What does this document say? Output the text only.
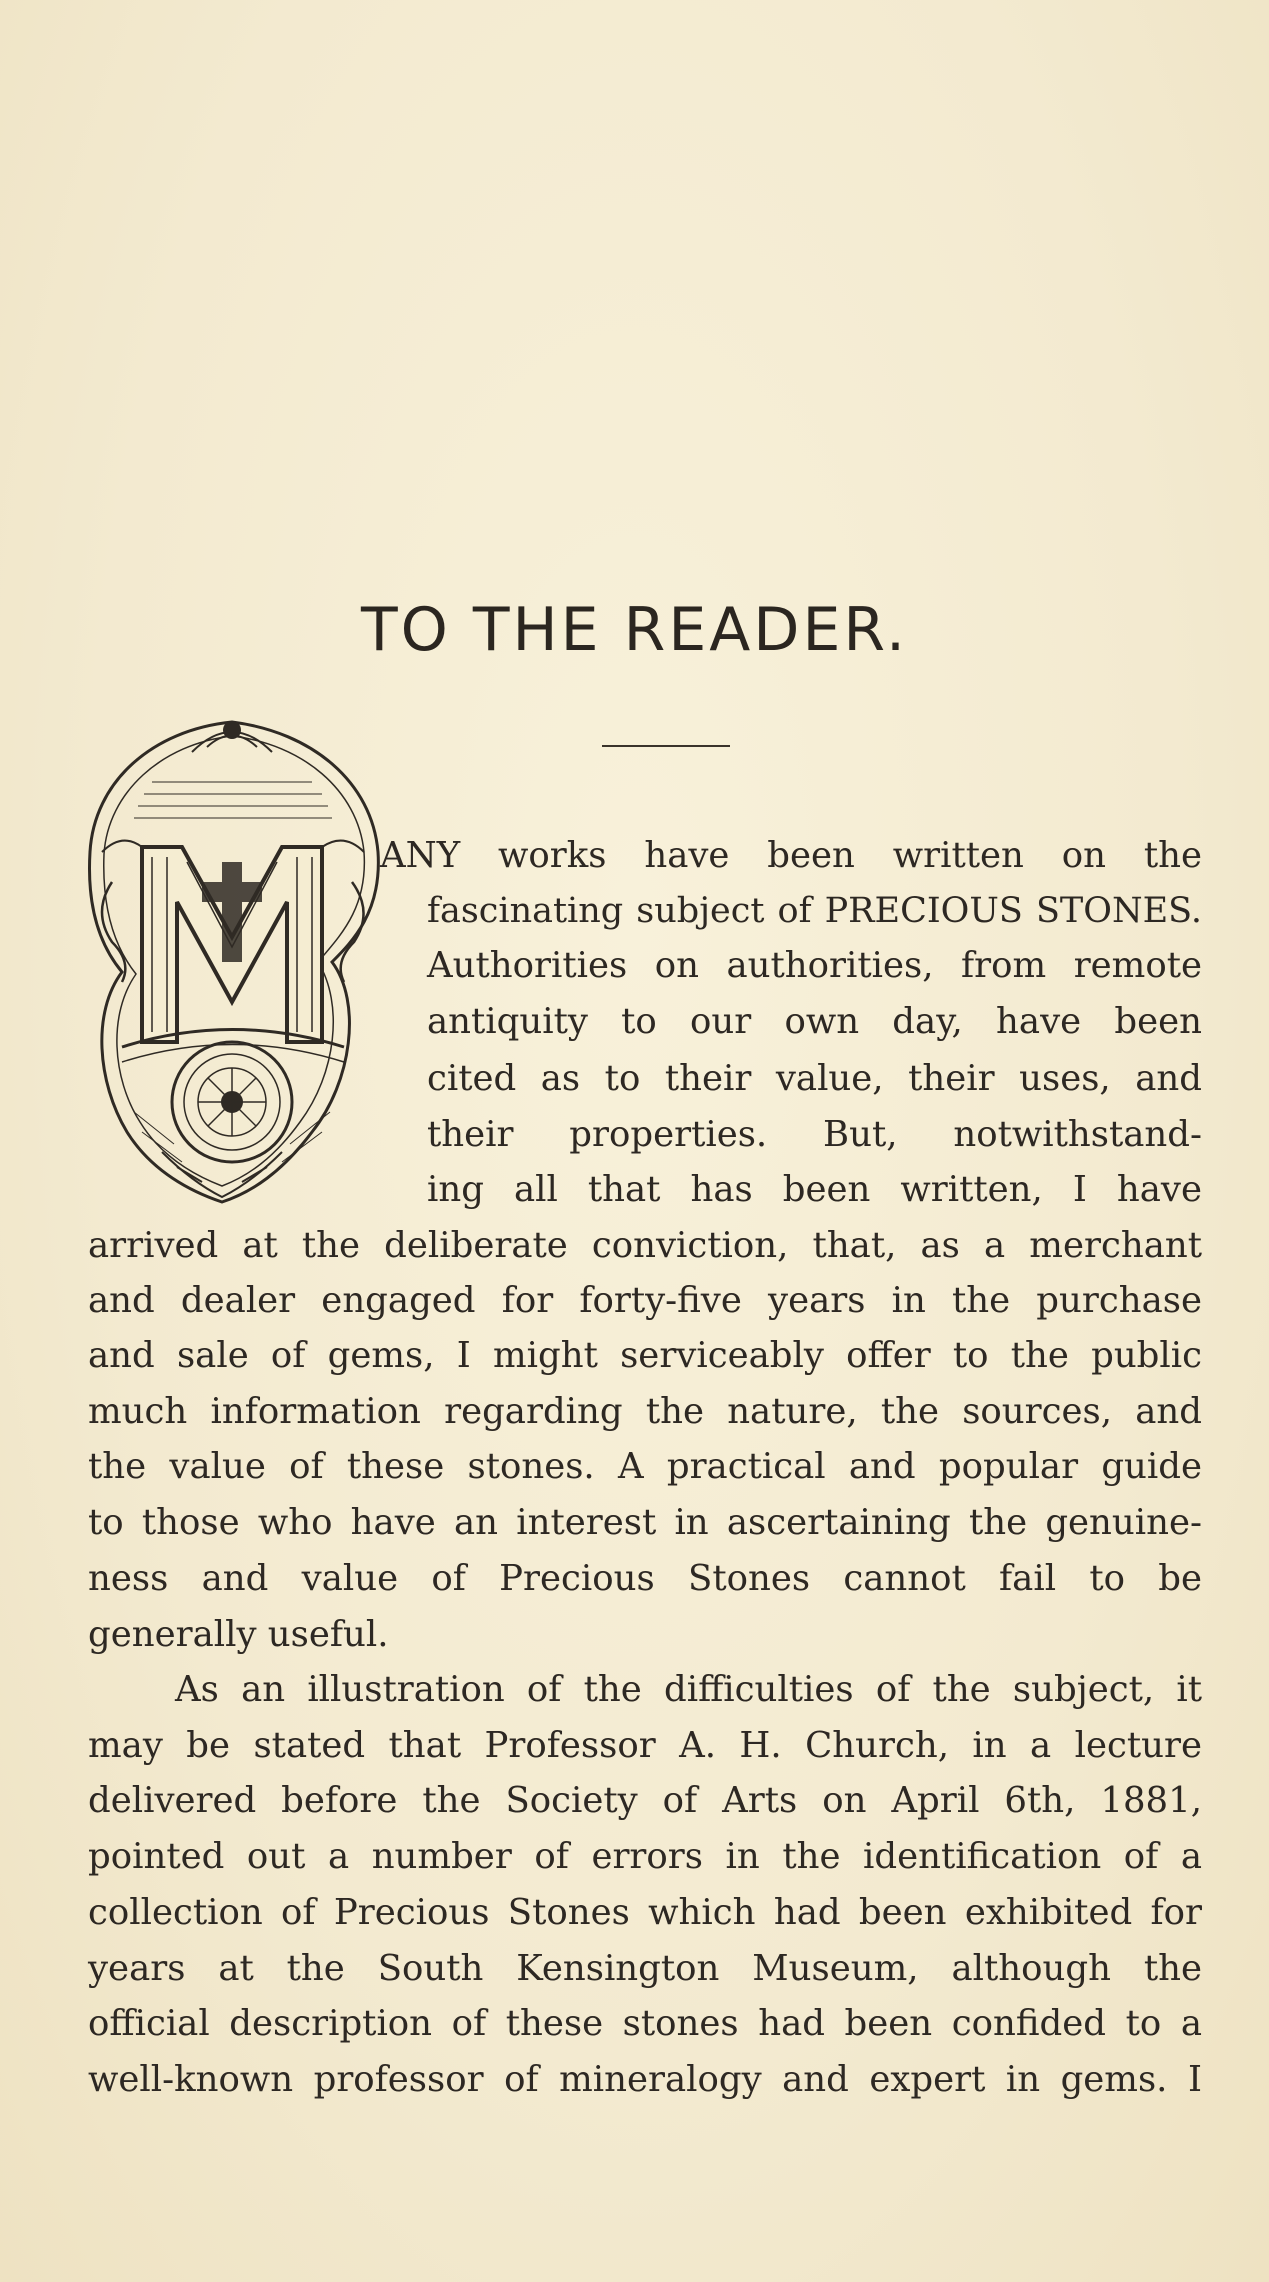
TO THE READER.

ANY works have been written on the

fascinating subject of PRECIOUS STONES.

Authorities on authorities, from remote

antiquity to our own day, have been

cited as to their value, their uses, and

their properties. But, notwithstand-

ing all that has been written, I have

arrived at the deliberate conviction, that, as a merchant

and dealer engaged for forty-five years in the purchase

and sale of gems, I might serviceably offer to the public

much information regarding the nature, the sources, and

the value of these stones. A practical and popular guide

to those who have an interest in ascertaining the genuine-

ness and value of Precious Stones cannot fail to be

generally useful.

As an illustration of the difficulties of the subject, it

may be stated that Professor A. H. Church, in a lecture

delivered before the Society of Arts on April 6th, 1881,

pointed out a number of errors in the identification of a

collection of Precious Stones which had been exhibited for

years at the South Kensington Museum, although the

official description of these stones had been confided to a

well-known professor of mineralogy and expert in gems. I
